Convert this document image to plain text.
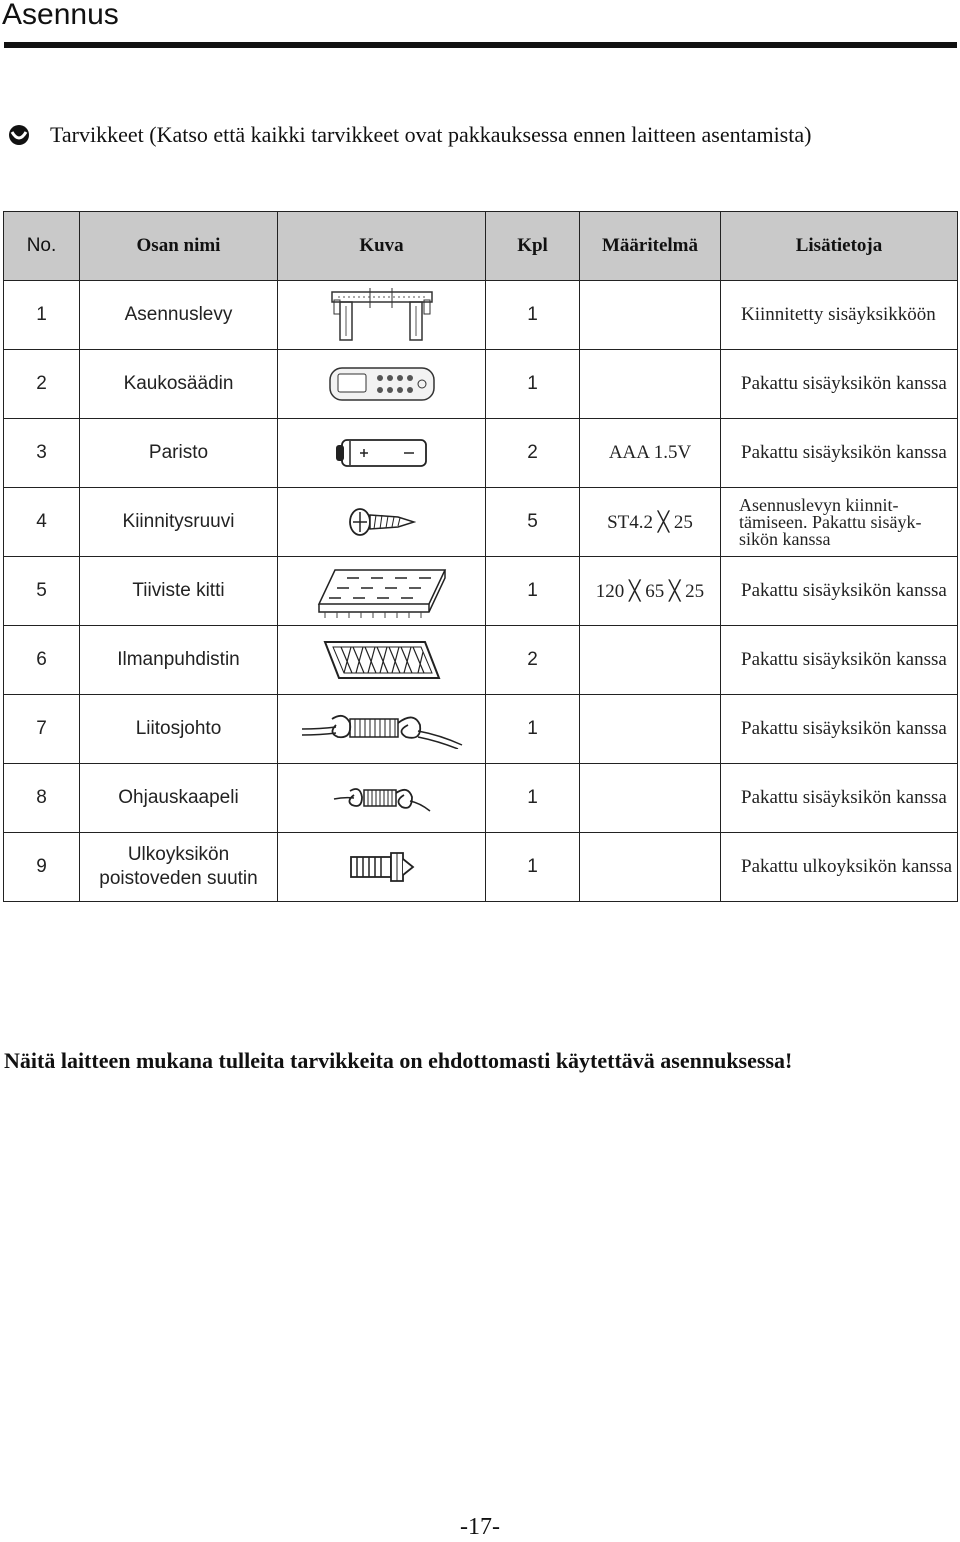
Asennus
Tarvikkeet (Katso että kaikki tarvikkeet ovat pakkauksessa ennen laitteen asentamista)
No.	Osan nimi	Kuva	Kpl	Määritelmä	Lisätietoja
1	Asennuslevy		1		Kiinnitetty sisäyksikköön
2	Kaukosäädin		1		Pakattu sisäyksikön kanssa
3	Paristo		2	AAA 1.5V	Pakattu sisäyksikön kanssa
4	Kiinnitysruuvi		5	ST4.2 ╳ 25	Asennuslevyn kiinnit- tämiseen. Pakattu sisäyk- sikön kanssa
5	Tiiviste kitti		1	120 ╳ 65 ╳ 25	Pakattu sisäyksikön kanssa
6	Ilmanpuhdistin		2		Pakattu sisäyksikön kanssa
7	Liitosjohto		1		Pakattu sisäyksikön kanssa
8	Ohjauskaapeli		1		Pakattu sisäyksikön kanssa
9	Ulkoyksikön poistoveden suutin		1		Pakattu ulkoyksikön kanssa
Näitä laitteen mukana tulleita tarvikkeita on ehdottomasti käytettävä asennuksessa!
-17-
